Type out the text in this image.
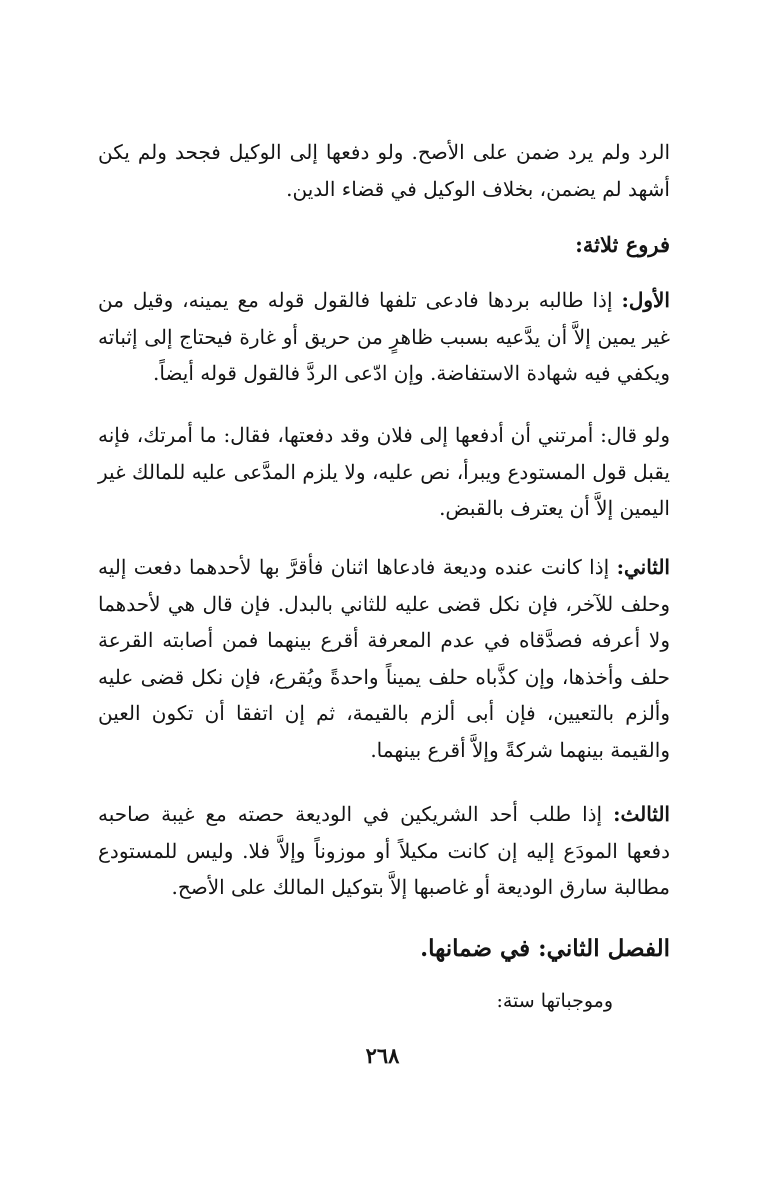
الرد ولم يرد ضمن على الأصح. ولو دفعها إلى الوكيل فجحد ولم يكن أشهد لم يضمن، بخلاف الوكيل في قضاء الدين.

فروع ثلاثة:

الأول: إذا طالبه بردها فادعى تلفها فالقول قوله مع يمينه، وقيل من غير يمين إلاَّ أن يدَّعيه بسبب ظاهرٍ من حريق أو غارة فيحتاج إلى إثباته ويكفي فيه شهادة الاستفاضة. وإن ادّعى الردَّ فالقول قوله أيضاً.

ولو قال: أمرتني أن أدفعها إلى فلان وقد دفعتها، فقال: ما أمرتك، فإنه يقبل قول المستودع ويبرأ، نص عليه، ولا يلزم المدَّعى عليه للمالك غير اليمين إلاَّ أن يعترف بالقبض.

الثاني: إذا كانت عنده وديعة فادعاها اثنان فأقرَّ بها لأحدهما دفعت إليه وحلف للآخر، فإن نكل قضى عليه للثاني بالبدل. فإن قال هي لأحدهما ولا أعرفه فصدَّقاه في عدم المعرفة أقرع بينهما فمن أصابته القرعة حلف وأخذها، وإن كذَّباه حلف يميناً واحدةً ويُقرع، فإن نكل قضى عليه وألزم بالتعيين، فإن أبى ألزم بالقيمة، ثم إن اتفقا أن تكون العين والقيمة بينهما شركةً وإلاَّ أقرع بينهما.

الثالث: إذا طلب أحد الشريكين في الوديعة حصته مع غيبة صاحبه دفعها المودَع إليه إن كانت مكيلاً أو موزوناً وإلاَّ فلا. وليس للمستودع مطالبة سارق الوديعة أو غاصبها إلاَّ بتوكيل المالك على الأصح.

الفصل الثاني: في ضمانها.

وموجباتها ستة:

٢٦٨
